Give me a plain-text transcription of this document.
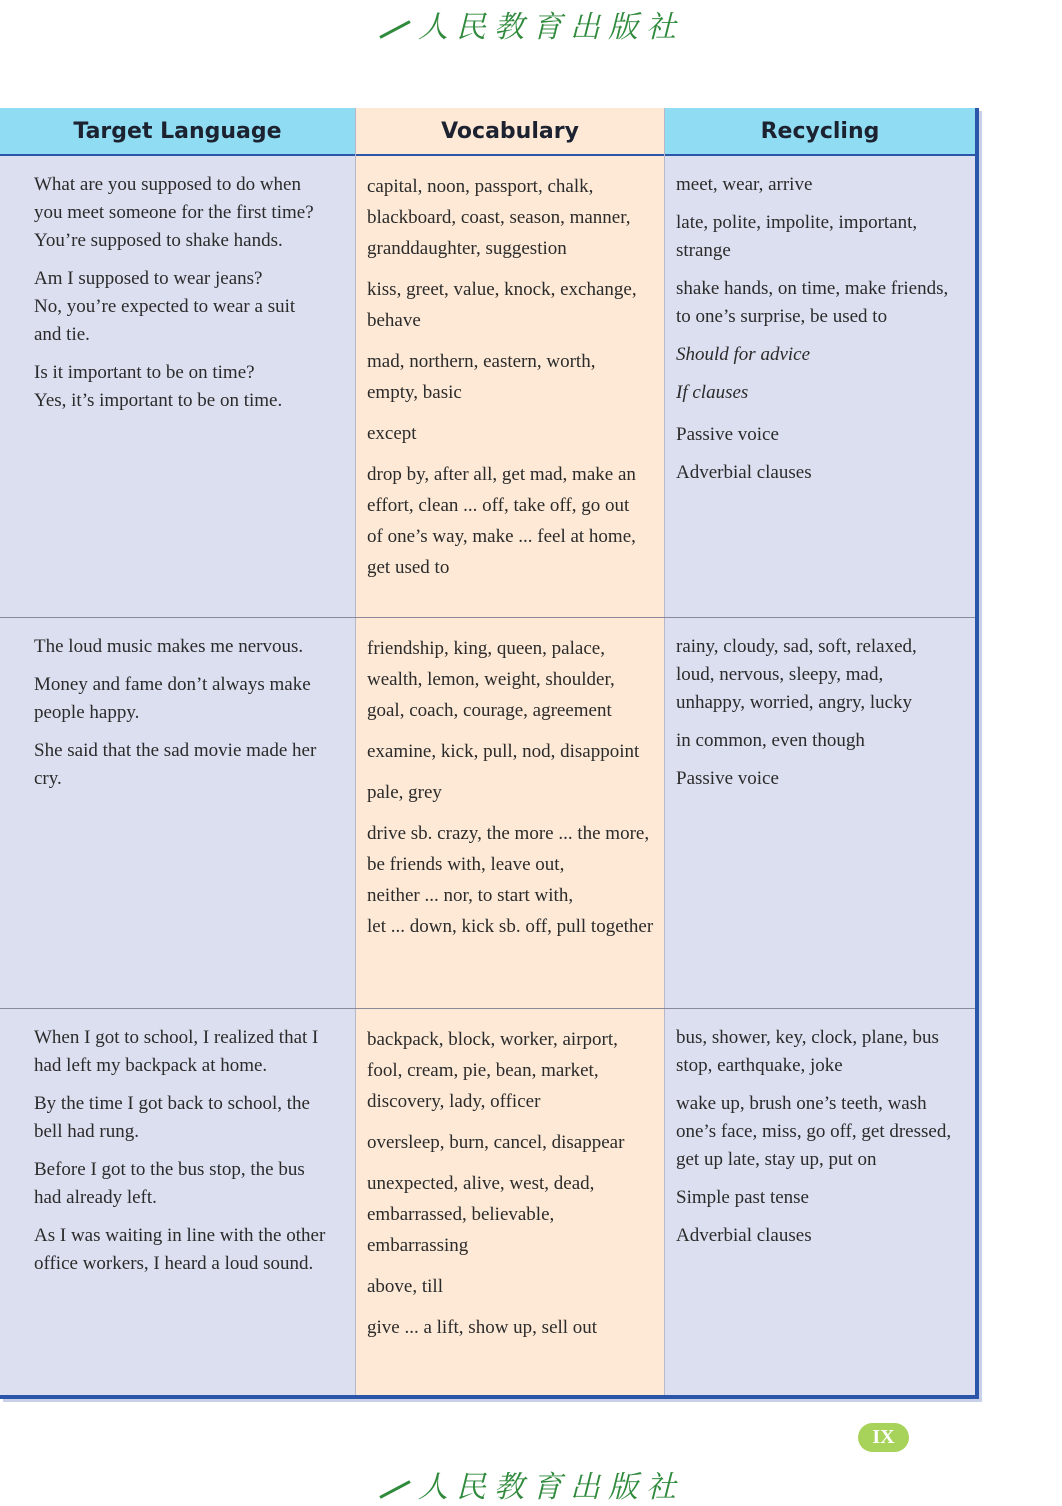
人民教育出版社
Target Language	Vocabulary	Recycling

What are you supposed to do when
you meet someone for the first time?
You’re supposed to shake hands.

Am I supposed to wear jeans?
No, you’re expected to wear a suit
and tie.

Is it important to be on time?
Yes, it’s important to be on time.

capital, noon, passport, chalk,
blackboard, coast, season, manner,
granddaughter, suggestion

kiss, greet, value, knock, exchange,
behave

mad, northern, eastern, worth,
empty, basic

except

drop by, after all, get mad, make an
effort, clean ... off, take off, go out
of one’s way, make ... feel at home,
get used to

meet, wear, arrive

late, polite, impolite, important,
strange

shake hands, on time, make friends,
to one’s surprise, be used to

Should for advice

If clauses

Passive voice

Adverbial clauses

The loud music makes me nervous.

Money and fame don’t always make
people happy.

She said that the sad movie made her
cry.

friendship, king, queen, palace,
wealth, lemon, weight, shoulder,
goal, coach, courage, agreement

examine, kick, pull, nod, disappoint

pale, grey

drive sb. crazy, the more ... the more,
be friends with, leave out,
neither ... nor, to start with,
let ... down, kick sb. off, pull together

rainy, cloudy, sad, soft, relaxed,
loud, nervous, sleepy, mad,
unhappy, worried, angry, lucky

in common, even though

Passive voice

When I got to school, I realized that I
had left my backpack at home.

By the time I got back to school, the
bell had rung.

Before I got to the bus stop, the bus
had already left.

As I was waiting in line with the other
office workers, I heard a loud sound.

backpack, block, worker, airport,
fool, cream, pie, bean, market,
discovery, lady, officer

oversleep, burn, cancel, disappear

unexpected, alive, west, dead,
embarrassed, believable,
embarrassing

above, till

give ... a lift, show up, sell out

bus, shower, key, clock, plane, bus
stop, earthquake, joke

wake up, brush one’s teeth, wash
one’s face, miss, go off, get dressed,
get up late, stay up, put on

Simple past tense

Adverbial clauses

IX
人民教育出版社
